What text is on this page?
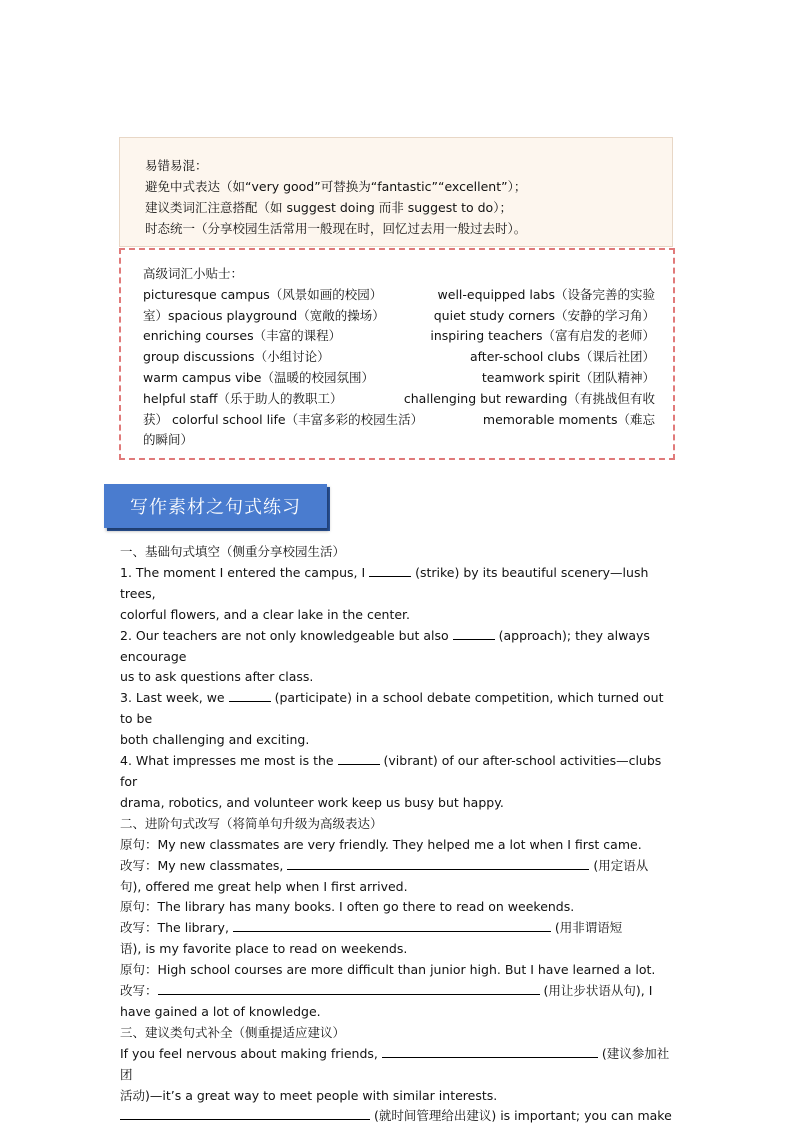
易错易混：
避免中式表达（如“very good”可替换为“fantastic”“excellent”）；
建议类词汇注意搭配（如 suggest doing 而非 suggest to do）；
时态统一（分享校园生活常用一般现在时，回忆过去用一般过去时）。
高级词汇小贴士：
picturesque campus（风景如画的校园）	well-equipped labs（设备完善的实验
室）spacious playground（宽敞的操场）	quiet study corners（安静的学习角）
enriching courses（丰富的课程）	inspiring teachers（富有启发的老师）
group discussions（小组讨论）	after-school clubs（课后社团）
warm campus vibe（温暖的校园氛围）	teamwork spirit（团队精神）
helpful staff（乐于助人的教职工）	challenging but rewarding（有挑战但有收
获） colorful school life（丰富多彩的校园生活）	memorable moments（难忘
的瞬间）
写作素材之句式练习

一、基础句式填空（侧重分享校园生活）

1. The moment I entered the campus, I	(strike) by its beautiful scenery—lush trees,

colorful flowers, and a clear lake in the center.

2. Our teachers are not only knowledgeable but also	(approach); they always encourage

us to ask questions after class.

3. Last week, we	(participate) in a school debate competition, which turned out to be

both challenging and exciting.

4. What impresses me most is the	(vibrant) of our after-school activities—clubs for

drama, robotics, and volunteer work keep us busy but happy.

二、进阶句式改写（将简单句升级为高级表达）

原句：My new classmates are very friendly. They helped me a lot when I first came.

改写：My new classmates,	(用定语从

句), offered me great help when I first arrived.

原句：The library has many books. I often go there to read on weekends.

改写：The library,	(用非谓语短

语), is my favorite place to read on weekends.

原句：High school courses are more difficult than junior high. But I have learned a lot.

改写：	(用让步状语从句), I

have gained a lot of knowledge.

三、建议类句式补全（侧重提适应建议）

If you feel nervous about making friends,	(建议参加社团

活动)—it’s a great way to meet people with similar interests.

(就时间管理给出建议) is important; you can make
